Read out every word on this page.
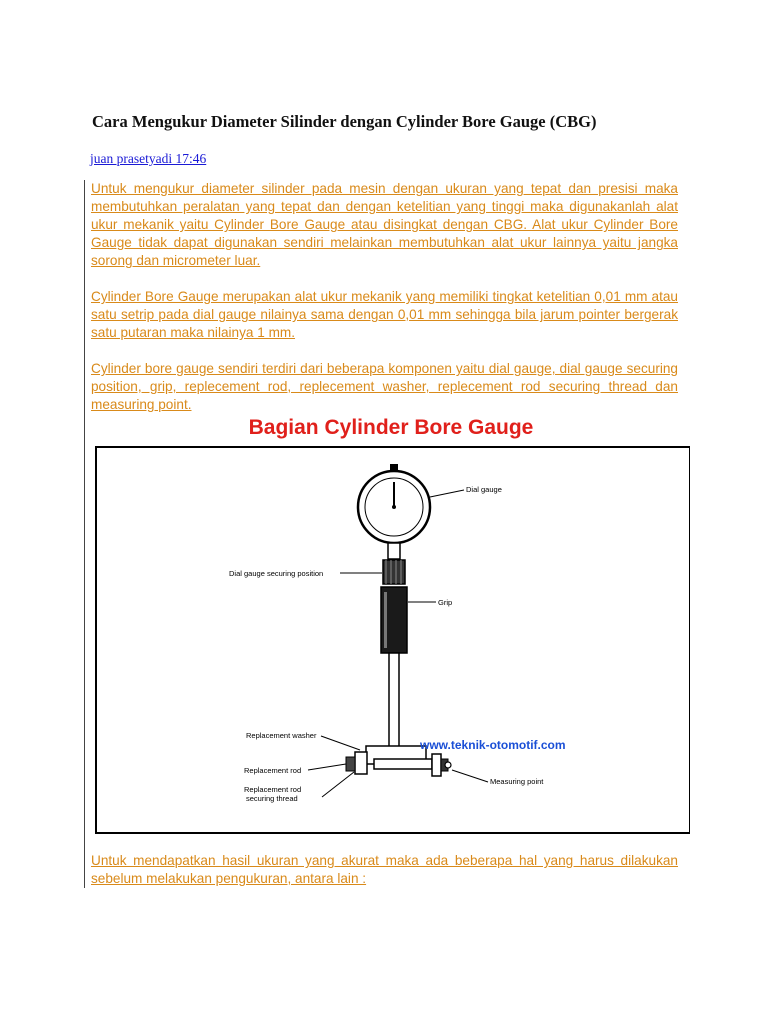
Cara Mengukur Diameter Silinder dengan Cylinder Bore Gauge (CBG)
juan prasetyadi 17:46
Untuk mengukur diameter silinder pada mesin dengan ukuran yang tepat dan presisi maka membutuhkan peralatan yang tepat dan dengan ketelitian yang tinggi maka digunakanlah alat ukur mekanik yaitu Cylinder Bore Gauge atau disingkat dengan CBG. Alat ukur Cylinder Bore Gauge tidak dapat digunakan sendiri melainkan membutuhkan alat ukur lainnya yaitu jangka sorong dan micrometer luar.
Cylinder Bore Gauge merupakan alat ukur mekanik yang memiliki tingkat ketelitian 0,01 mm atau satu setrip pada dial gauge nilainya sama dengan 0,01 mm sehingga bila jarum pointer bergerak satu putaran maka nilainya 1 mm.
Cylinder bore gauge sendiri terdiri dari beberapa komponen yaitu dial gauge, dial gauge securing position, grip, replecement rod, replecement washer, replecement rod securing thread dan measuring point.
Bagian Cylinder Bore Gauge
Dial gauge
Dial gauge securing position
Grip
Replacement washer
Replacement rod
Replacement rod
securing thread
Measuring point
www.teknik-otomotif.com
Untuk mendapatkan hasil ukuran yang akurat maka ada beberapa hal yang harus dilakukan sebelum melakukan pengukuran, antara lain :
